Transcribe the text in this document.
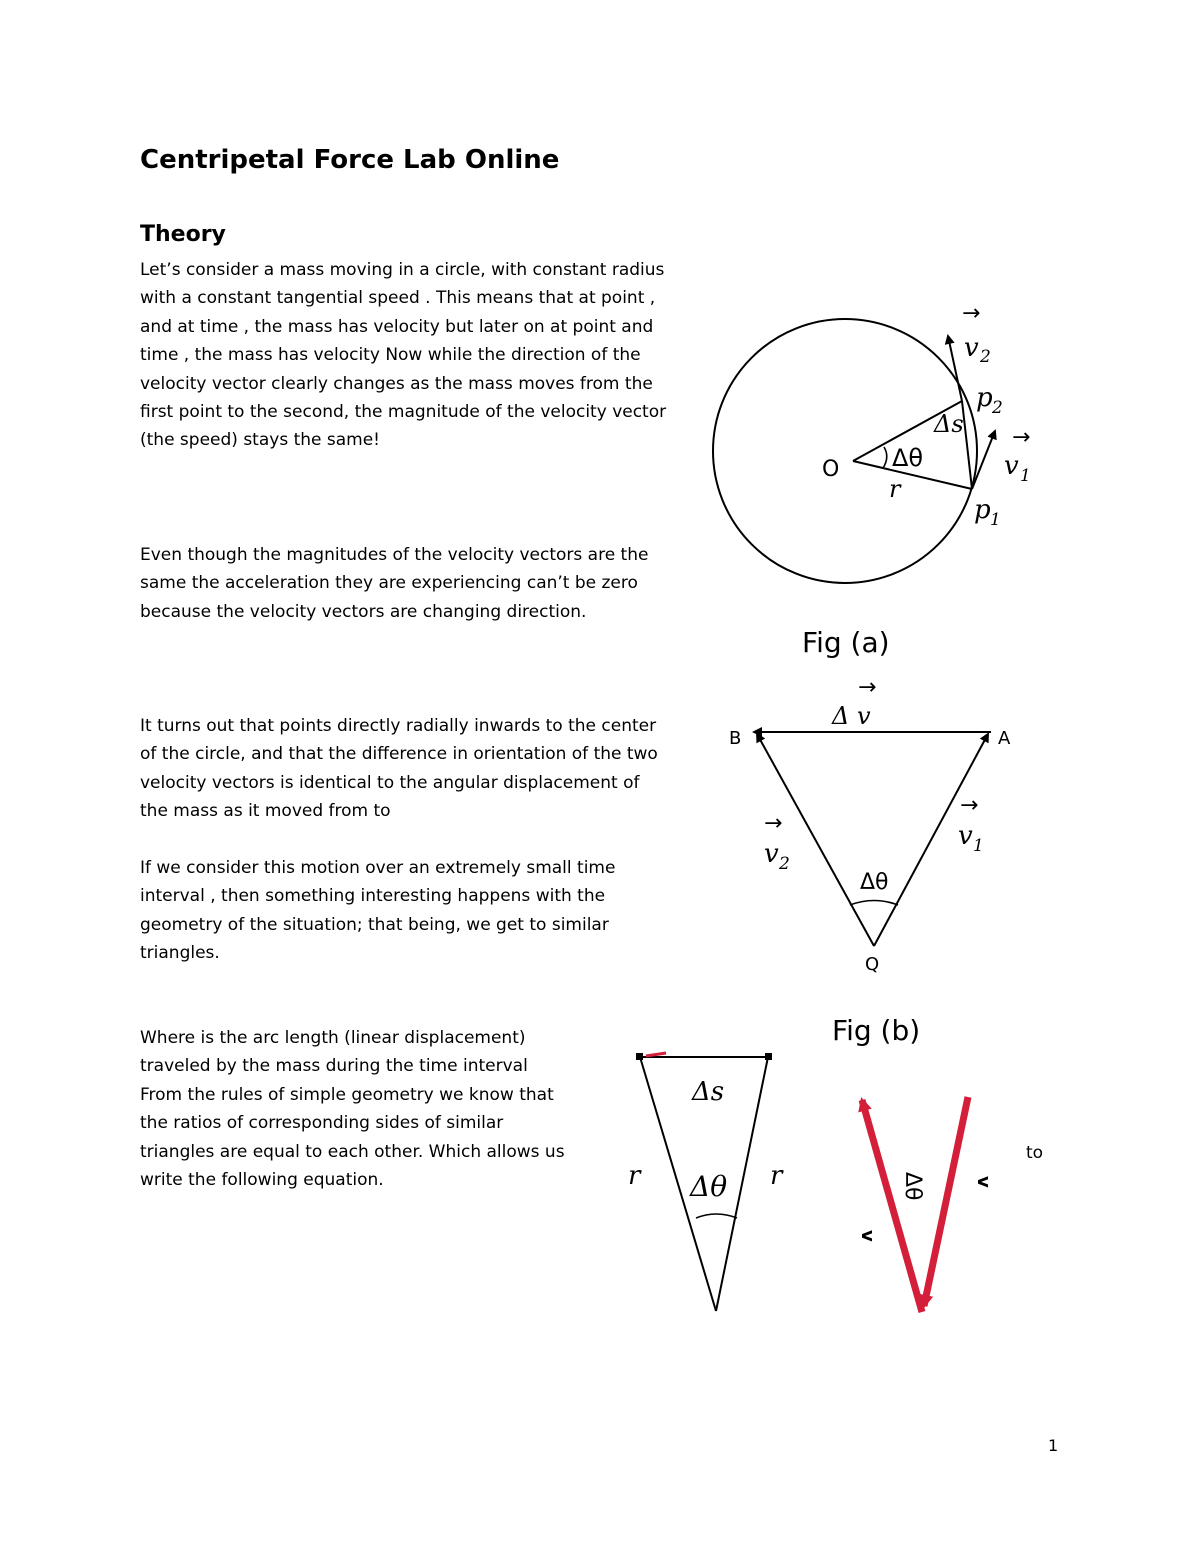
Centripetal Force Lab Online
Theory
Let’s consider a mass moving in a circle, with constant radius
with a constant tangential speed . This means that at point ,
and at time , the mass has velocity but later on at point and
time , the mass has velocity Now while the direction of the
velocity vector clearly changes as the mass moves from the
first point to the second, the magnitude of the velocity vector
(the speed) stays the same!
Even though the magnitudes of the velocity vectors are the
same the acceleration they are experiencing can’t be zero
because the velocity vectors are changing direction.
It turns out that points directly radially inwards to the center
of the circle, and that the difference in orientation of the two
velocity vectors is identical to the angular displacement of
the mass as it moved from to
If we consider this motion over an extremely small time
interval , then something interesting happens with the
geometry of the situation; that being, we get to similar
triangles.
Where is the arc length (linear displacement)
traveled by the mass during the time interval
From the rules of simple geometry we know that
the ratios of corresponding sides of similar
triangles are equal to each other. Which allows us
write the following equation.
to
→
v 2
p 2
Δs →
v 1
O Δθ
r
p 1
Fig (a)
→
Δ v
B	A
→
v 2
→
v 1
Δθ
Q
Fig (b)
Δs
Δθ
r	r	Δθ	v
v
1
